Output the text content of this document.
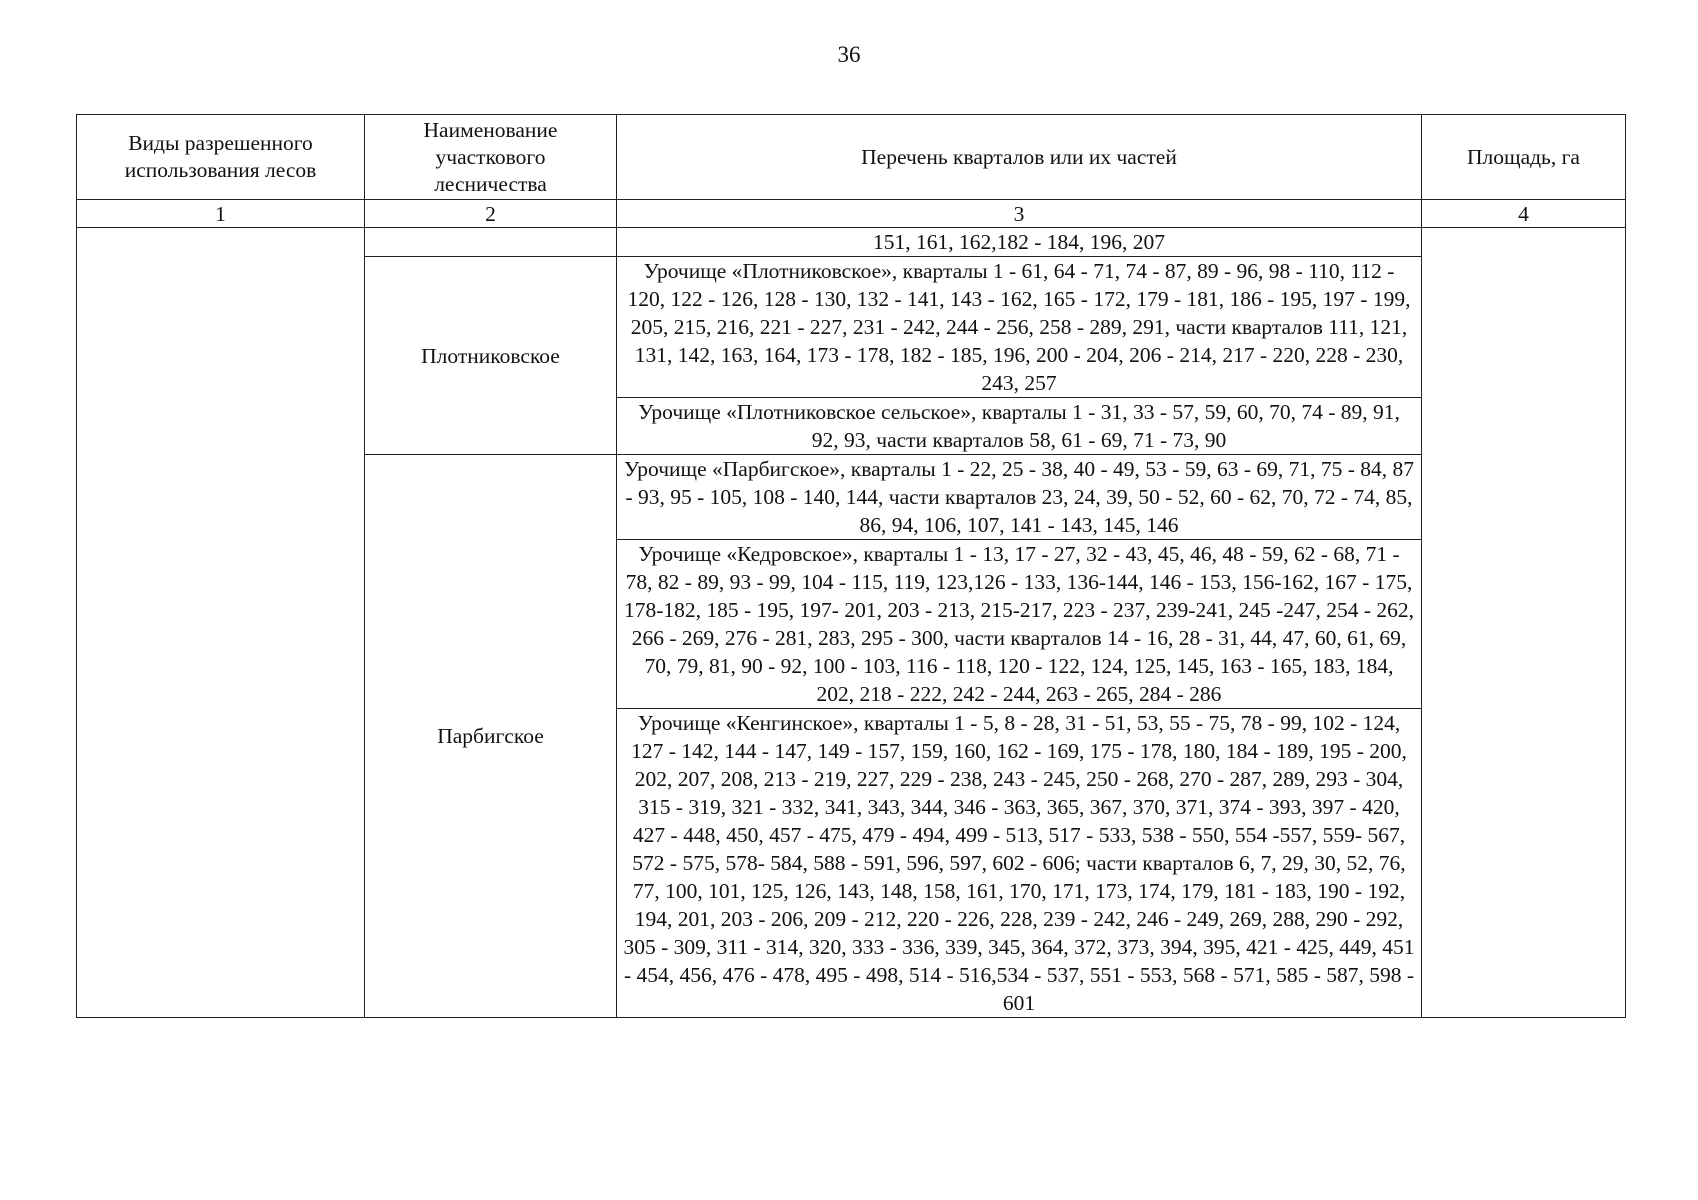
36
Виды разрешенного использования лесов	Наименование участкового лесничества	Перечень кварталов или их частей	Площадь, га
1	2	3	4
		151, 161, 162,182 - 184, 196, 207	
	Плотниковское	Урочище «Плотниковское», кварталы 1 - 61, 64 - 71, 74 - 87, 89 - 96, 98 - 110, 112 - 120, 122 - 126, 128 - 130, 132 - 141, 143 - 162, 165 - 172, 179 - 181, 186 - 195, 197 - 199, 205, 215, 216, 221 - 227, 231 - 242, 244 - 256, 258 - 289, 291, части кварталов 111, 121, 131, 142, 163, 164, 173 - 178, 182 - 185, 196, 200 - 204, 206 - 214, 217 - 220, 228 - 230, 243, 257	
		Урочище «Плотниковское сельское», кварталы 1 - 31, 33 - 57, 59, 60, 70, 74 - 89, 91, 92, 93, части кварталов 58, 61 - 69, 71 - 73, 90	
	Парбигское	Урочище «Парбигское», кварталы 1 - 22, 25 - 38, 40 - 49, 53 - 59, 63 - 69, 71, 75 - 84, 87 - 93, 95 - 105, 108 - 140, 144, части кварталов 23, 24, 39, 50 - 52, 60 - 62, 70, 72 - 74, 85, 86, 94, 106, 107, 141 - 143, 145, 146	
		Урочище «Кедровское», кварталы 1 - 13, 17 - 27, 32 - 43, 45, 46, 48 - 59, 62 - 68, 71 - 78, 82 - 89, 93 - 99, 104 - 115, 119, 123,126 - 133, 136-144, 146 - 153, 156-162, 167 - 175, 178-182, 185 - 195, 197- 201, 203 - 213, 215-217, 223 - 237, 239-241, 245 -247, 254 - 262, 266 - 269, 276 - 281, 283, 295 - 300, части кварталов 14 - 16, 28 - 31, 44, 47, 60, 61, 69, 70, 79, 81, 90 - 92, 100 - 103, 116 - 118, 120 - 122, 124, 125, 145, 163 - 165, 183, 184, 202, 218 - 222, 242 - 244, 263 - 265, 284 - 286	
		Урочище «Кенгинское», кварталы 1 - 5, 8 - 28, 31 - 51, 53, 55 - 75, 78 - 99, 102 - 124, 127 - 142, 144 - 147, 149 - 157, 159, 160, 162 - 169, 175 - 178, 180, 184 - 189, 195 - 200, 202, 207, 208, 213 - 219, 227, 229 - 238, 243 - 245, 250 - 268, 270 - 287, 289, 293 - 304, 315 - 319, 321 - 332, 341, 343, 344, 346 - 363, 365, 367, 370, 371, 374 - 393, 397 - 420, 427 - 448, 450, 457 - 475, 479 - 494, 499 - 513, 517 - 533, 538 - 550, 554 -557, 559- 567, 572 - 575, 578- 584, 588 - 591, 596, 597, 602 - 606; части кварталов 6, 7, 29, 30, 52, 76, 77, 100, 101, 125, 126, 143, 148, 158, 161, 170, 171, 173, 174, 179, 181 - 183, 190 - 192, 194, 201, 203 - 206, 209 - 212, 220 - 226, 228, 239 - 242, 246 - 249, 269, 288, 290 - 292, 305 - 309, 311 - 314, 320, 333 - 336, 339, 345, 364, 372, 373, 394, 395, 421 - 425, 449, 451 - 454, 456, 476 - 478, 495 - 498, 514 - 516,534 - 537, 551 - 553, 568 - 571, 585 - 587, 598 - 601	
